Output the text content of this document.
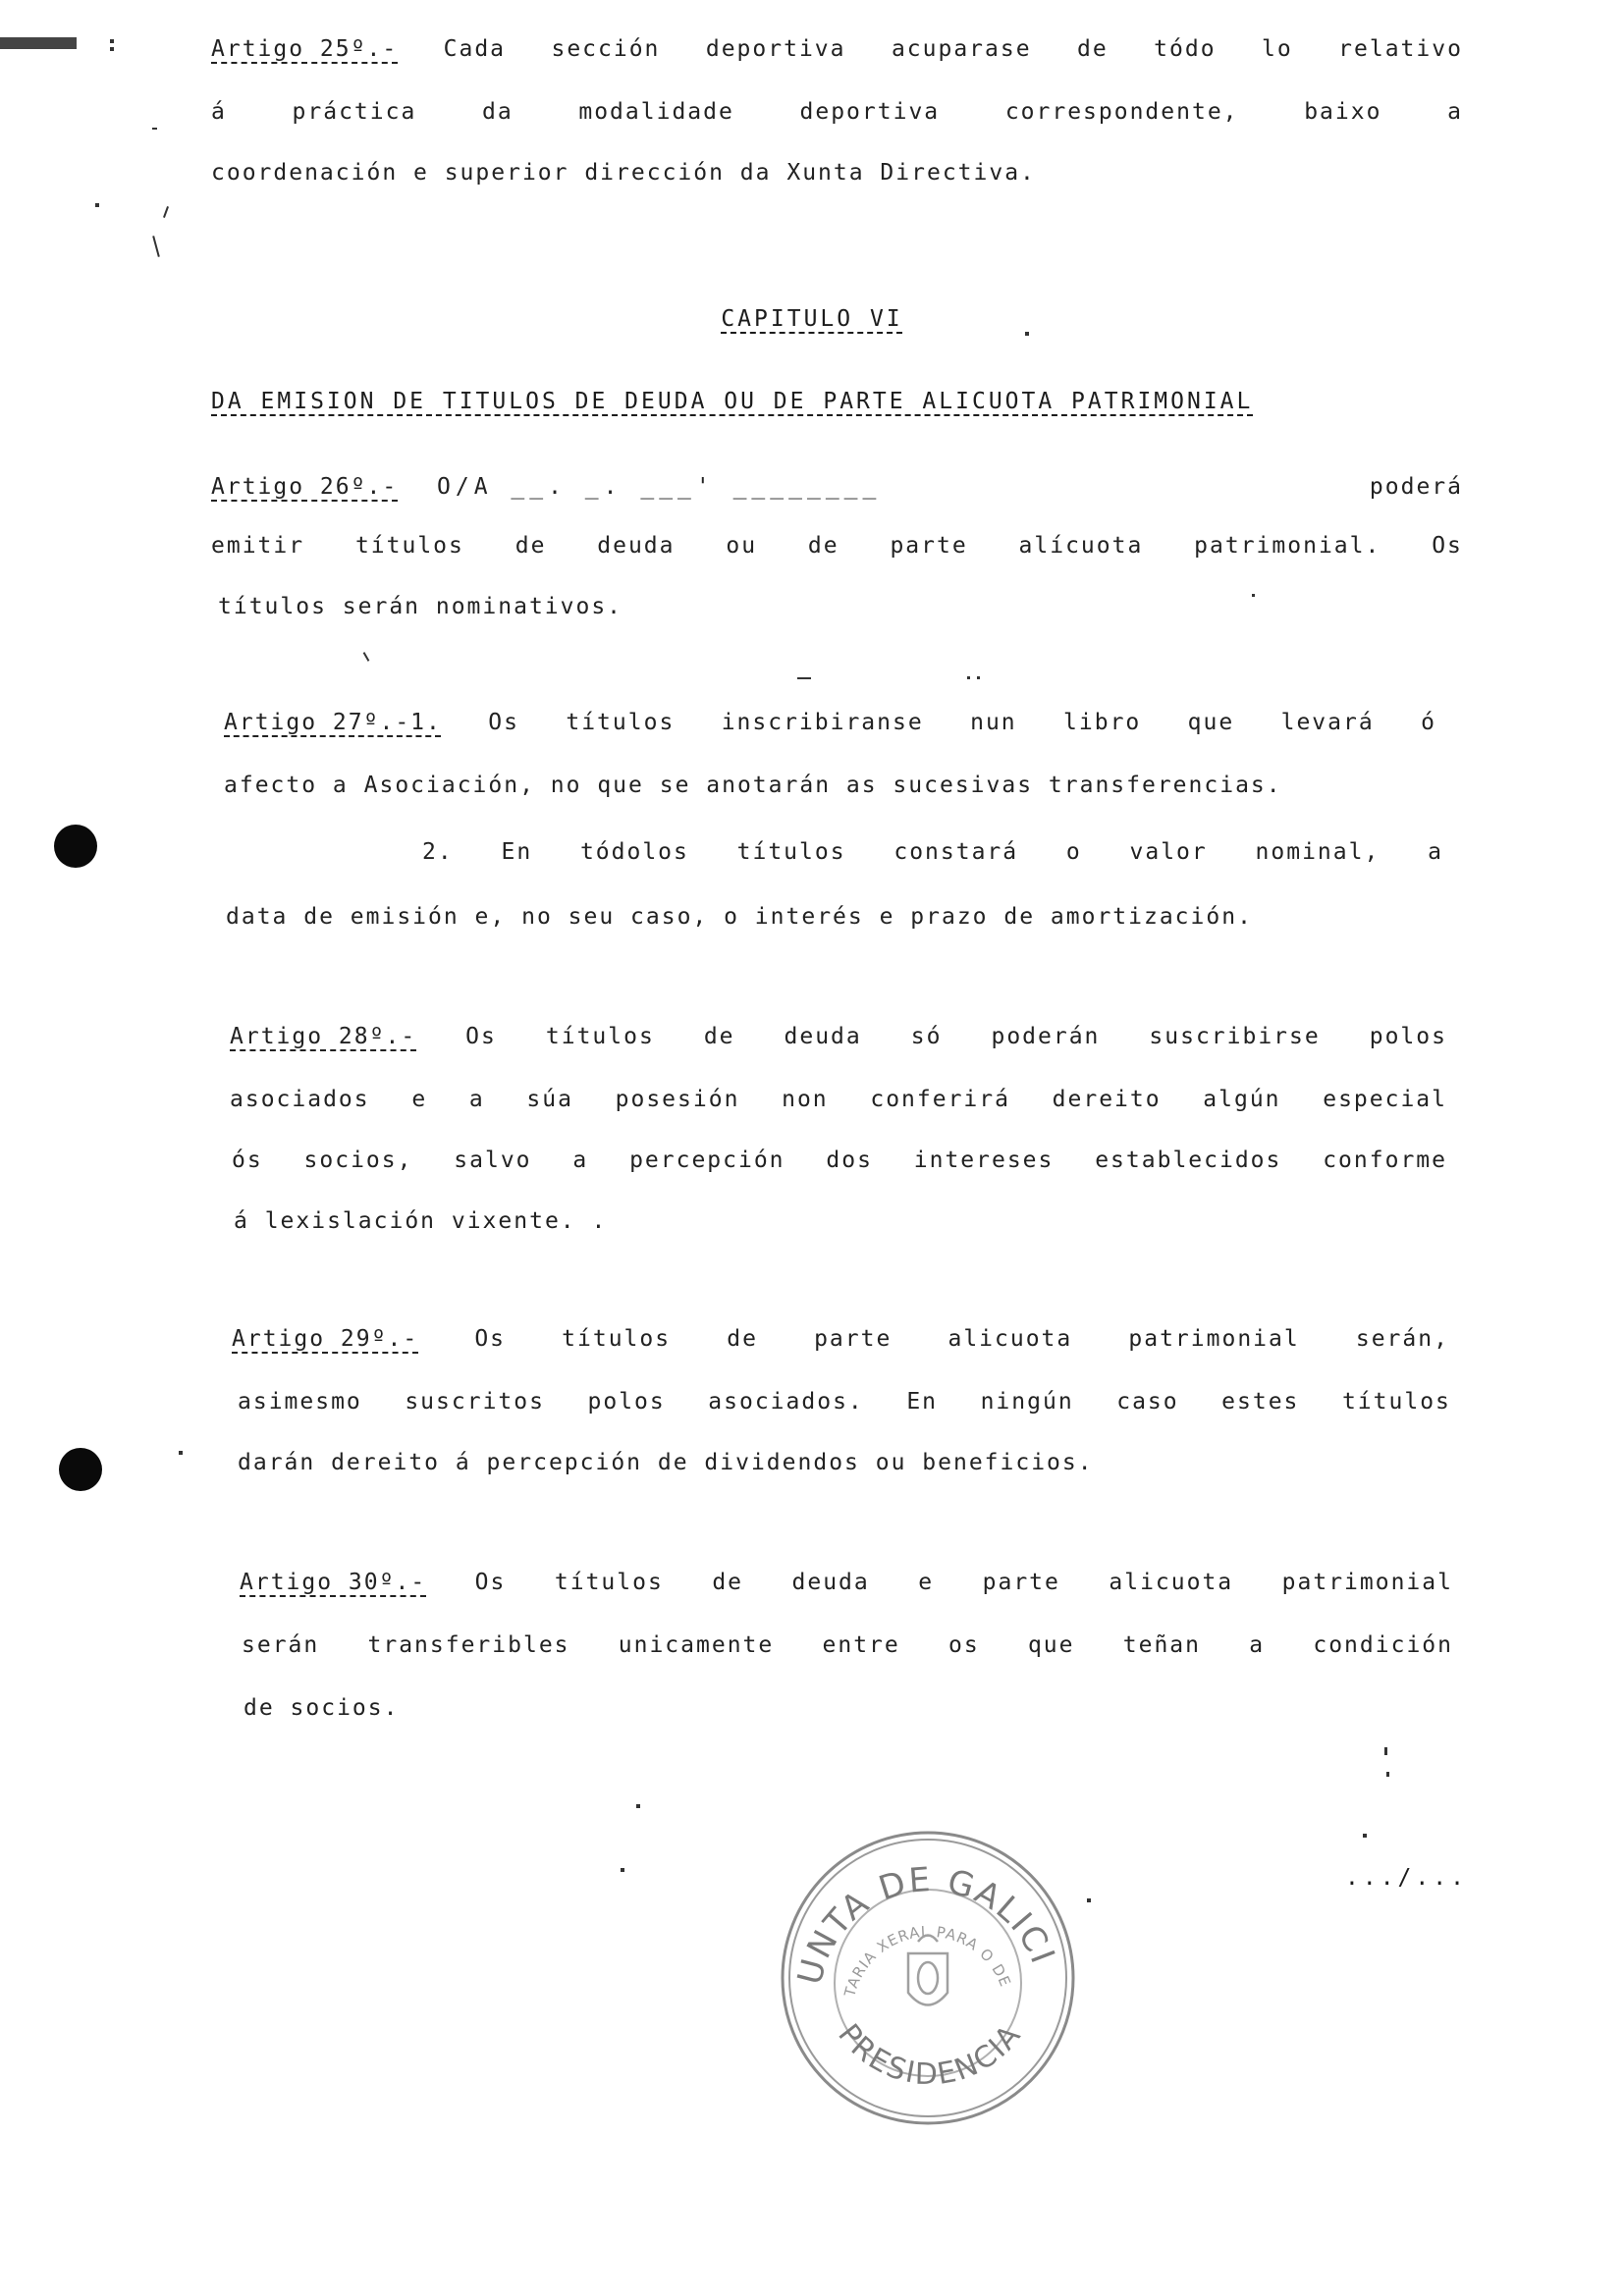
Artigo 25º.- Cada sección deportiva acuparase de tódo lo relativo
á	práctica	da	modalidade	deportiva	correspondente,	baixo	a
coordenación e superior dirección da Xunta Directiva.
CAPITULO VI
DA EMISION DE TITULOS DE DEUDA OU DE PARTE ALICUOTA PATRIMONIAL
Artigo 26º.- O/A __. _. ___' ________	poderá
emitir títulos de deuda ou de parte alícuota patrimonial. Os
títulos serán nominativos.
Artigo 27º.-1. Os títulos inscribiranse nun libro que levará ó
afecto a Asociación, no que se anotarán as sucesivas transferencias.
2. En tódolos títulos constará o valor nominal, a
data de emisión e, no seu caso, o interés e prazo de amortización.
Artigo 28º.- Os títulos de deuda só poderán suscribirse polos
asociados e a súa posesión non conferirá dereito algún especial
ós socios, salvo a percepción dos intereses establecidos conforme
á lexislación vixente. .
Artigo 29º.- Os títulos de parte alicuota patrimonial serán,
asimesmo suscritos polos asociados. En ningún caso estes títulos
darán dereito á percepción de dividendos ou beneficios.
Artigo 30º.- Os títulos de deuda e parte alicuota patrimonial
serán transferibles unicamente entre os que teñan a condición
de socios.
.../...
UNTA DE GALICI
TARIA XERAL PARA O DE
PRESIDENCIA
